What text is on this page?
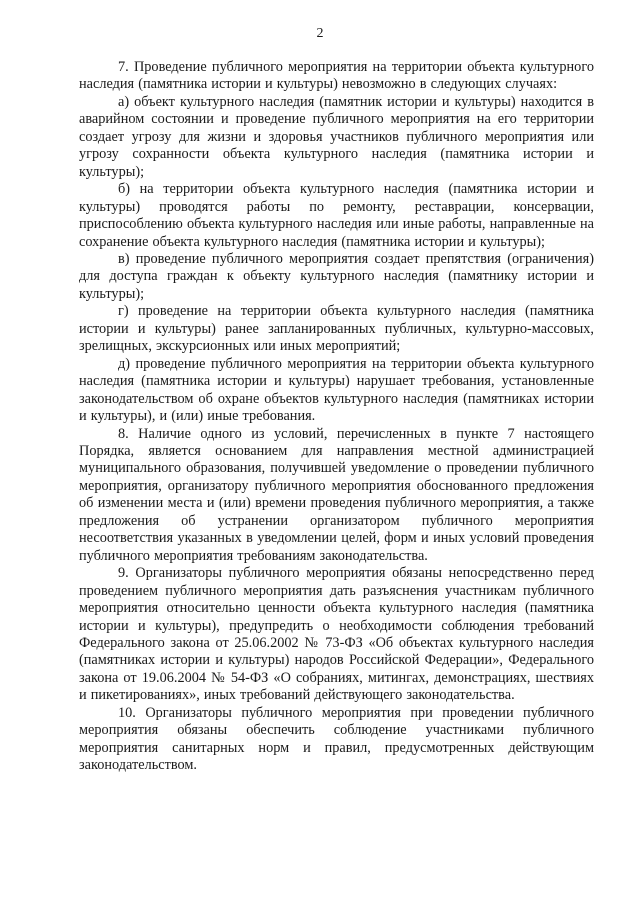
2

7. Проведение публичного мероприятия на территории объекта культурного наследия (памятника истории и культуры) невозможно в следующих случаях:

а) объект культурного наследия (памятник истории и культуры) находится в аварийном состоянии и проведение публичного мероприятия на его территории создает угрозу для жизни и здоровья участников публичного мероприятия или угрозу сохранности объекта культурного наследия (памятника истории и культуры);

б) на территории объекта культурного наследия (памятника истории и культуры) проводятся работы по ремонту, реставрации, консервации, приспособлению объекта культурного наследия или иные работы, направленные на сохранение объекта культурного наследия (памятника истории и культуры);

в) проведение публичного мероприятия создает препятствия (ограничения) для доступа граждан к объекту культурного наследия (памятнику истории и культуры);

г) проведение на территории объекта культурного наследия (памятника истории и культуры) ранее запланированных публичных, культурно-массовых, зрелищных, экскурсионных или иных мероприятий;

д) проведение публичного мероприятия на территории объекта культурного наследия (памятника истории и культуры) нарушает требования, установленные законодательством об охране объектов культурного наследия (памятниках истории и культуры), и (или) иные требования.

8. Наличие одного из условий, перечисленных в пункте 7 настоящего Порядка, является основанием для направления местной администрацией муниципального образования, получившей уведомление о проведении публичного мероприятия, организатору публичного мероприятия обоснованного предложения об изменении места и (или) времени проведения публичного мероприятия, а также предложения об устранении организатором публичного мероприятия несоответствия указанных в уведомлении целей, форм и иных условий проведения публичного мероприятия требованиям законодательства.

9. Организаторы публичного мероприятия обязаны непосредственно перед проведением публичного мероприятия дать разъяснения участникам публичного мероприятия относительно ценности объекта культурного наследия (памятника истории и культуры), предупредить о необходимости соблюдения требований Федерального закона от 25.06.2002 № 73-ФЗ «Об объектах культурного наследия (памятниках истории и культуры) народов Российской Федерации», Федерального закона от 19.06.2004 № 54-ФЗ «О собраниях, митингах, демонстрациях, шествиях и пикетированиях», иных требований действующего законодательства.

10. Организаторы публичного мероприятия при проведении публичного мероприятия обязаны обеспечить соблюдение участниками публичного мероприятия санитарных норм и правил, предусмотренных действующим законодательством.
